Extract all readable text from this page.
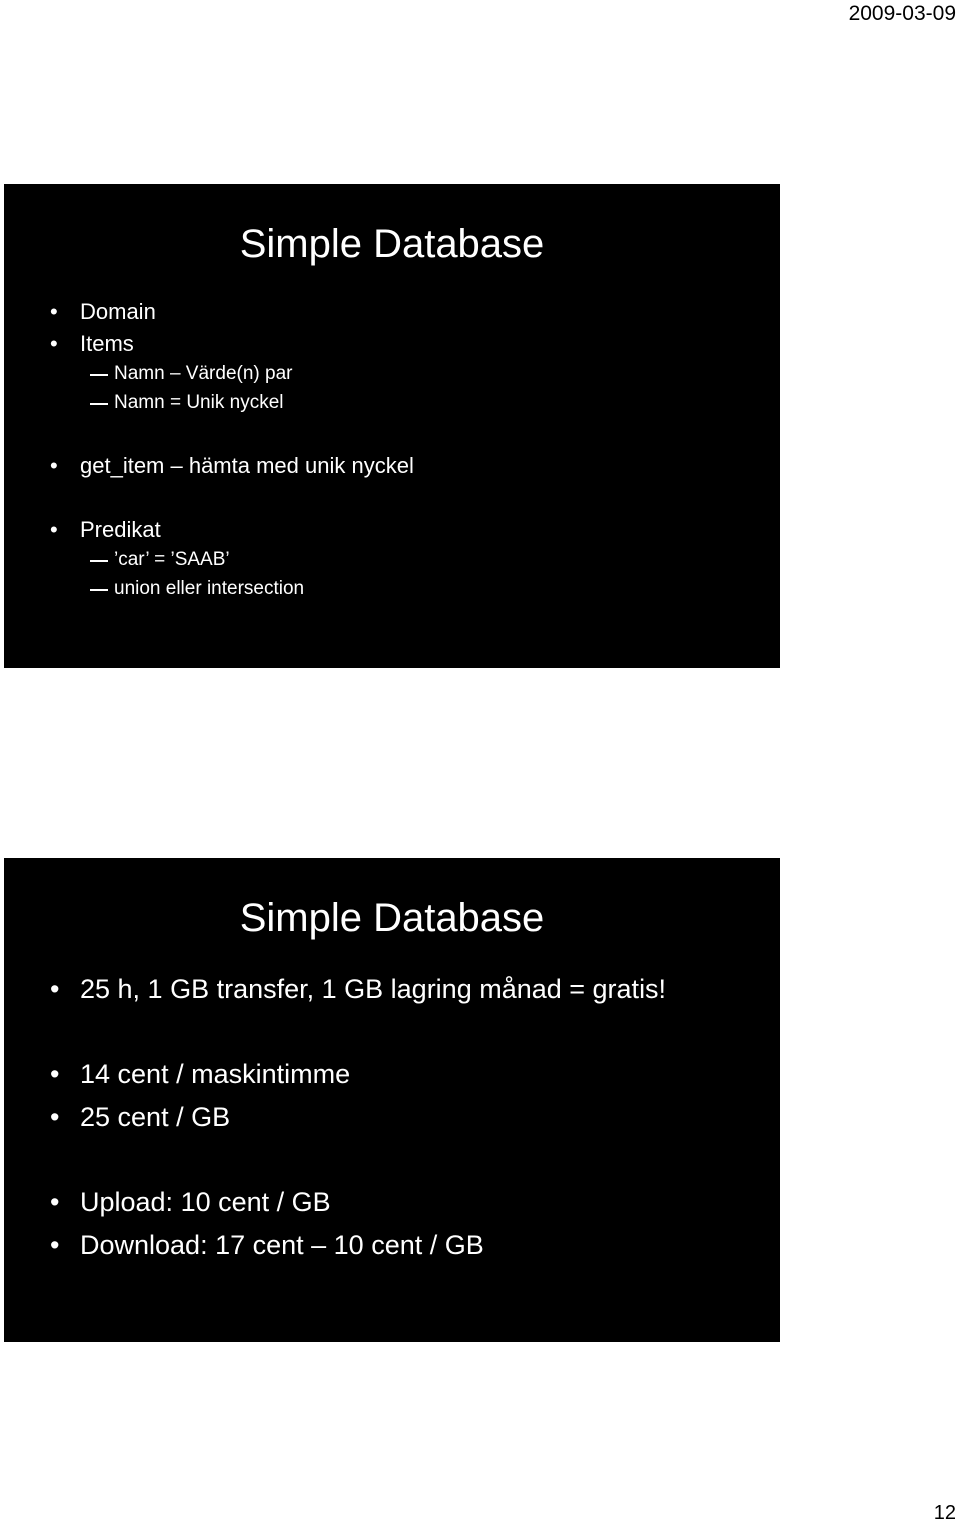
2009-03-09
Simple Database
• Domain
• Items
Namn – Värde(n) par
Namn = Unik nyckel
• get_item – hämta med unik nyckel
• Predikat
’car’ = ’SAAB’
union eller intersection
Simple Database
• 25 h, 1 GB transfer, 1 GB lagring månad = gratis!
• 14 cent / maskintimme
• 25 cent / GB
• Upload: 10 cent / GB
• Download: 17 cent – 10 cent / GB
12
